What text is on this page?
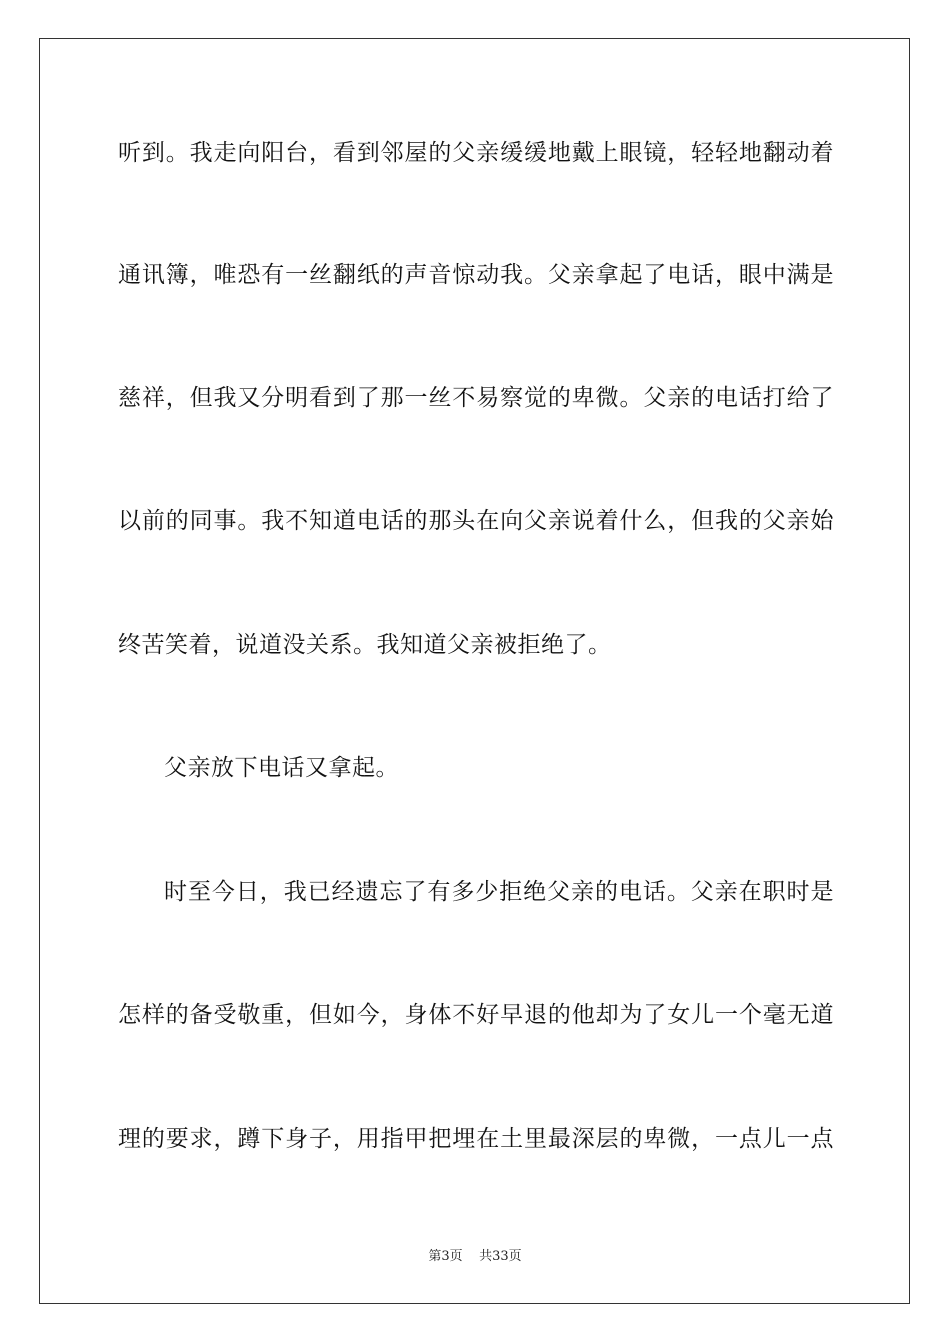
听到。我走向阳台，看到邻屋的父亲缓缓地戴上眼镜，轻轻地翻动着
通讯簿，唯恐有一丝翻纸的声音惊动我。父亲拿起了电话，眼中满是
慈祥，但我又分明看到了那一丝不易察觉的卑微。父亲的电话打给了
以前的同事。我不知道电话的那头在向父亲说着什么，但我的父亲始
终苦笑着，说道没关系。我知道父亲被拒绝了。
父亲放下电话又拿起。
时至今日，我已经遗忘了有多少拒绝父亲的电话。父亲在职时是
怎样的备受敬重，但如今，身体不好早退的他却为了女儿一个毫无道
理的要求，蹲下身子，用指甲把埋在土里最深层的卑微，一点儿一点
第3页 共33页
